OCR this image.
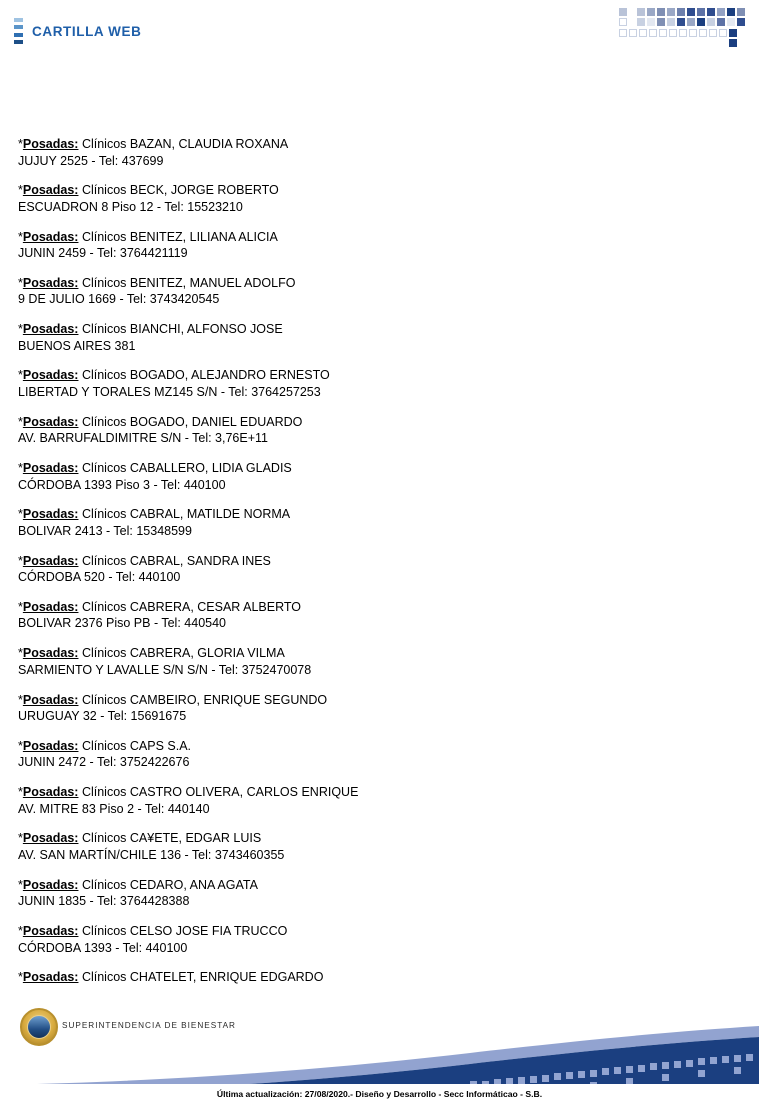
CARTILLA WEB
*Posadas: Clínicos BAZAN, CLAUDIA ROXANA
JUJUY 2525 - Tel: 437699
*Posadas: Clínicos BECK, JORGE ROBERTO
ESCUADRON 8 Piso 12 - Tel: 15523210
*Posadas: Clínicos BENITEZ, LILIANA ALICIA
JUNIN 2459 - Tel: 3764421119
*Posadas: Clínicos BENITEZ, MANUEL ADOLFO
9 DE JULIO 1669 - Tel: 3743420545
*Posadas: Clínicos BIANCHI, ALFONSO JOSE
BUENOS AIRES 381
*Posadas: Clínicos BOGADO, ALEJANDRO ERNESTO
LIBERTAD Y TORALES MZ145 S/N - Tel: 3764257253
*Posadas: Clínicos BOGADO, DANIEL EDUARDO
AV. BARRUFALDIMITRE S/N - Tel: 3,76E+11
*Posadas: Clínicos CABALLERO, LIDIA GLADIS
CÓRDOBA 1393 Piso 3 - Tel: 440100
*Posadas: Clínicos CABRAL, MATILDE NORMA
BOLIVAR 2413 - Tel: 15348599
*Posadas: Clínicos CABRAL, SANDRA INES
CÓRDOBA 520 - Tel: 440100
*Posadas: Clínicos CABRERA, CESAR ALBERTO
BOLIVAR 2376 Piso PB - Tel: 440540
*Posadas: Clínicos CABRERA, GLORIA VILMA
SARMIENTO Y LAVALLE S/N S/N - Tel: 3752470078
*Posadas: Clínicos CAMBEIRO, ENRIQUE SEGUNDO
URUGUAY 32 - Tel: 15691675
*Posadas: Clínicos CAPS S.A.
JUNIN 2472 - Tel: 3752422676
*Posadas: Clínicos CASTRO OLIVERA, CARLOS ENRIQUE
AV. MITRE 83 Piso 2 - Tel: 440140
*Posadas: Clínicos CA¥ETE, EDGAR LUIS
AV. SAN MARTÍN/CHILE 136 - Tel: 3743460355
*Posadas: Clínicos CEDARO, ANA AGATA
JUNIN 1835 - Tel: 3764428388
*Posadas: Clínicos CELSO JOSE FIA TRUCCO
CÓRDOBA 1393 - Tel: 440100
*Posadas: Clínicos CHATELET, ENRIQUE EDGARDO
SUPERINTENDENCIA DE BIENESTAR
Última actualización: 27/08/2020.- Diseño y Desarrollo - Secc Informáticao - S.B.
